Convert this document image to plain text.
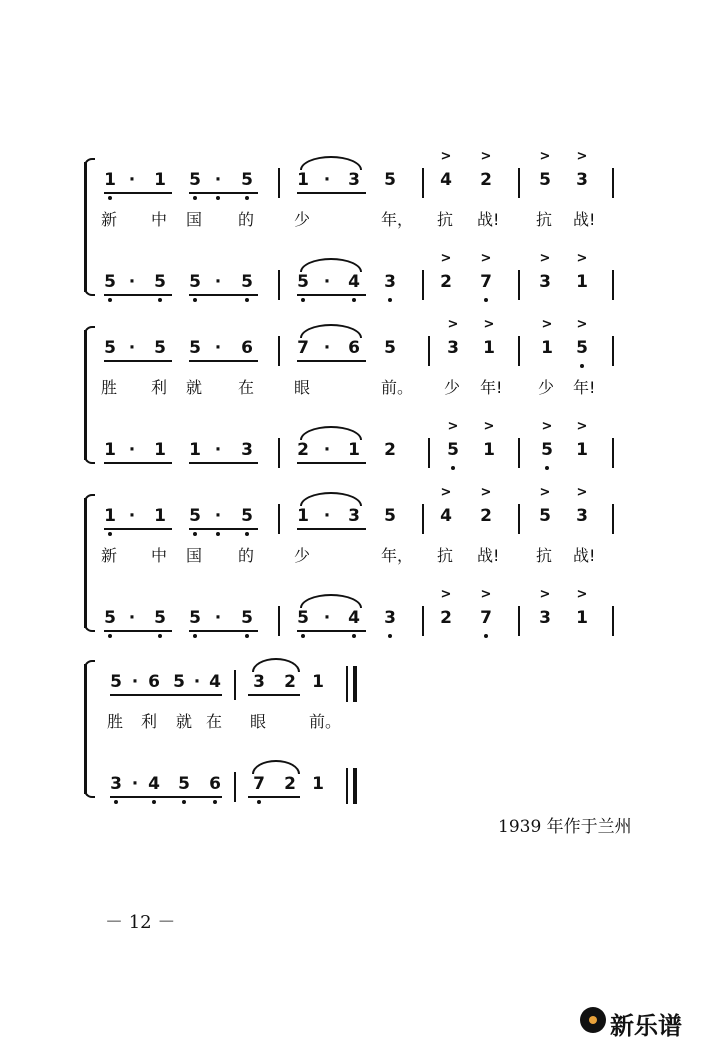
1 ·	1 5 ·	5	1 ·	3 5	4
>
2
>
5
>
3
>
5 ·	5 5 ·	5	5 ·	4 3	2
>
7
>
3
>
1
>
新	中	国	的	少	年，	抗	战!	抗	战!
5 ·	5 5 ·	6	7 ·	6 5	3
>
1
>
1
>
5
>
1 ·	1 1 ·	3	2 ·	1 2	5
>
1
>
5
>
1
>
胜	利	就	在	眼	前。	少	年!	少	年!
1 ·	1 5 ·	5	1 ·	3 5	4
>
2
>
5
>
3
>
5 ·	5 5 ·	5	5 ·	4 3	2
>
7
>
3
>
1
>
新	中	国	的	少	年，	抗	战!	抗	战!
5 · 6 5 · 4 3 2 1
3 · 4 5 6 7 2 1
胜	利	就 在	眼	前。
1939 年作于兰州
－ 12 －
新乐谱
